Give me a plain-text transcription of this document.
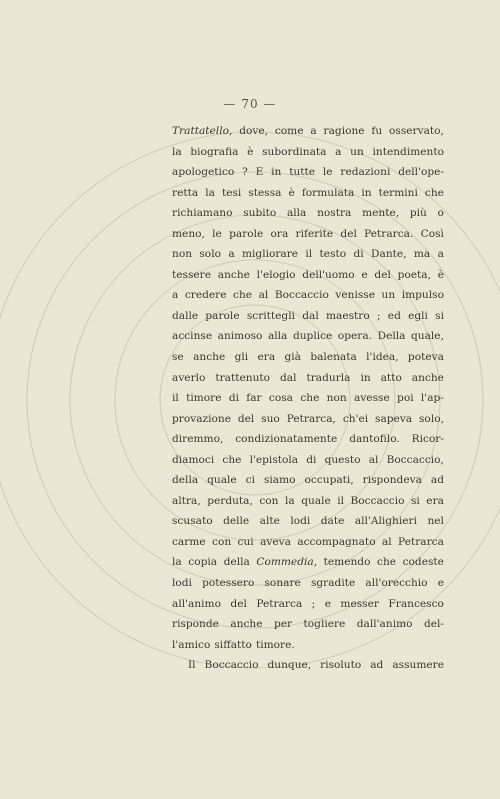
— 70 —
Trattatello, dove, come a ragione fu osservato,
la biografia è subordinata a un intendimento
apologetico ? E in tutte le redazioni dell'ope-
retta la tesi stessa è formulata in termini che
richiamano subito alla nostra mente, più o
meno, le parole ora riferite del Petrarca. Così
non solo a migliorare il testo di Dante, ma a
tessere anche l'elogio dell'uomo e del poeta, è
a credere che al Boccaccio venisse un impulso
dalle parole scrittegli dal maestro ; ed egli si
accinse animoso alla duplice opera. Della quale,
se anche gli era già balenata l'idea, poteva
averlo trattenuto dal tradurla in atto anche
il timore di far cosa che non avesse poi l'ap-
provazione del suo Petrarca, ch'ei sapeva solo,
diremmo, condizionatamente dantofilo. Ricor-
diamoci che l'epistola di questo al Boccaccio,
della quale ci siamo occupati, rispondeva ad
altra, perduta, con la quale il Boccaccio si era
scusato delle alte lodi date all'Alighieri nel
carme con cui aveva accompagnato al Petrarca
la copia della Commedia, temendo che codeste
lodi potessero sonare sgradite all'orecchio e
all'animo del Petrarca ; e messer Francesco
risponde anche per togliere dall'animo del-
l'amico siffatto timore.
Il Boccaccio dunque, risoluto ad assumere
